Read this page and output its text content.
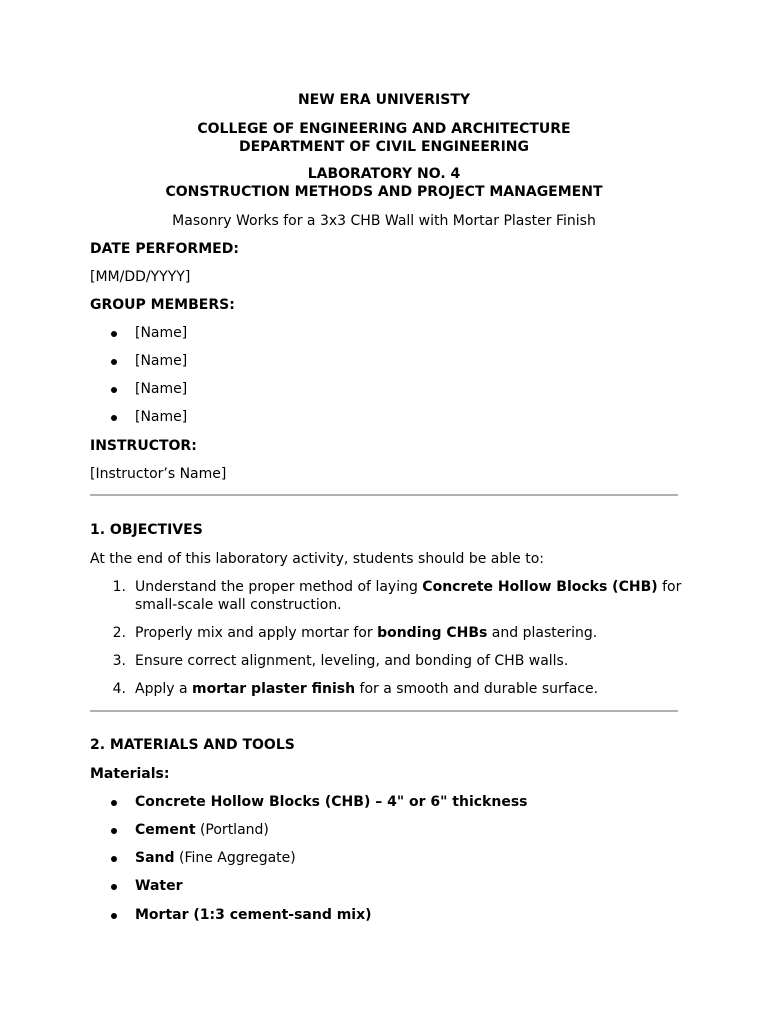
NEW ERA UNIVERISTY
COLLEGE OF ENGINEERING AND ARCHITECTURE
DEPARTMENT OF CIVIL ENGINEERING
LABORATORY NO. 4
CONSTRUCTION METHODS AND PROJECT MANAGEMENT
Masonry Works for a 3x3 CHB Wall with Mortar Plaster Finish
DATE PERFORMED:
[MM/DD/YYYY]
GROUP MEMBERS:
[Name]
[Name]
[Name]
[Name]
INSTRUCTOR:
[Instructor’s Name]
1. OBJECTIVES
At the end of this laboratory activity, students should be able to:
1. Understand the proper method of laying Concrete Hollow Blocks (CHB) for
small-scale wall construction.
2. Properly mix and apply mortar for bonding CHBs and plastering.
3. Ensure correct alignment, leveling, and bonding of CHB walls.
4. Apply a mortar plaster finish for a smooth and durable surface.
2. MATERIALS AND TOOLS
Materials:
Concrete Hollow Blocks (CHB) – 4" or 6" thickness
Cement (Portland)
Sand (Fine Aggregate)
Water
Mortar (1:3 cement-sand mix)
